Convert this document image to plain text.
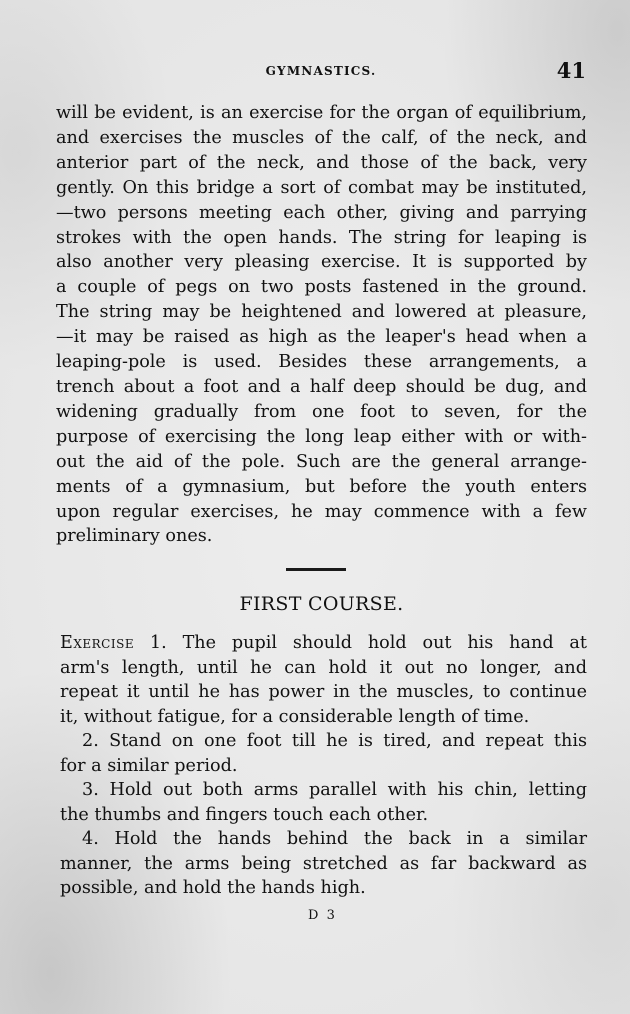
GYMNASTICS.	41
will be evident, is an exercise for the organ of equilibrium,
and exercises the muscles of the calf, of the neck, and
anterior part of the neck, and those of the back, very
gently. On this bridge a sort of combat may be instituted,
—two persons meeting each other, giving and parrying
strokes with the open hands. The string for leaping is
also another very pleasing exercise. It is supported by
a couple of pegs on two posts fastened in the ground.
The string may be heightened and lowered at pleasure,
—it may be raised as high as the leaper's head when a
leaping-pole is used. Besides these arrangements, a
trench about a foot and a half deep should be dug, and
widening gradually from one foot to seven, for the
purpose of exercising the long leap either with or with-
out the aid of the pole. Such are the general arrange-
ments of a gymnasium, but before the youth enters
upon regular exercises, he may commence with a few
preliminary ones.
FIRST COURSE.
Exercise 1. The pupil should hold out his hand at
arm's length, until he can hold it out no longer, and
repeat it until he has power in the muscles, to continue
it, without fatigue, for a considerable length of time.
2. Stand on one foot till he is tired, and repeat this
for a similar period.
3. Hold out both arms parallel with his chin, letting
the thumbs and fingers touch each other.
4. Hold the hands behind the back in a similar
manner, the arms being stretched as far backward as
possible, and hold the hands high.
D 3
